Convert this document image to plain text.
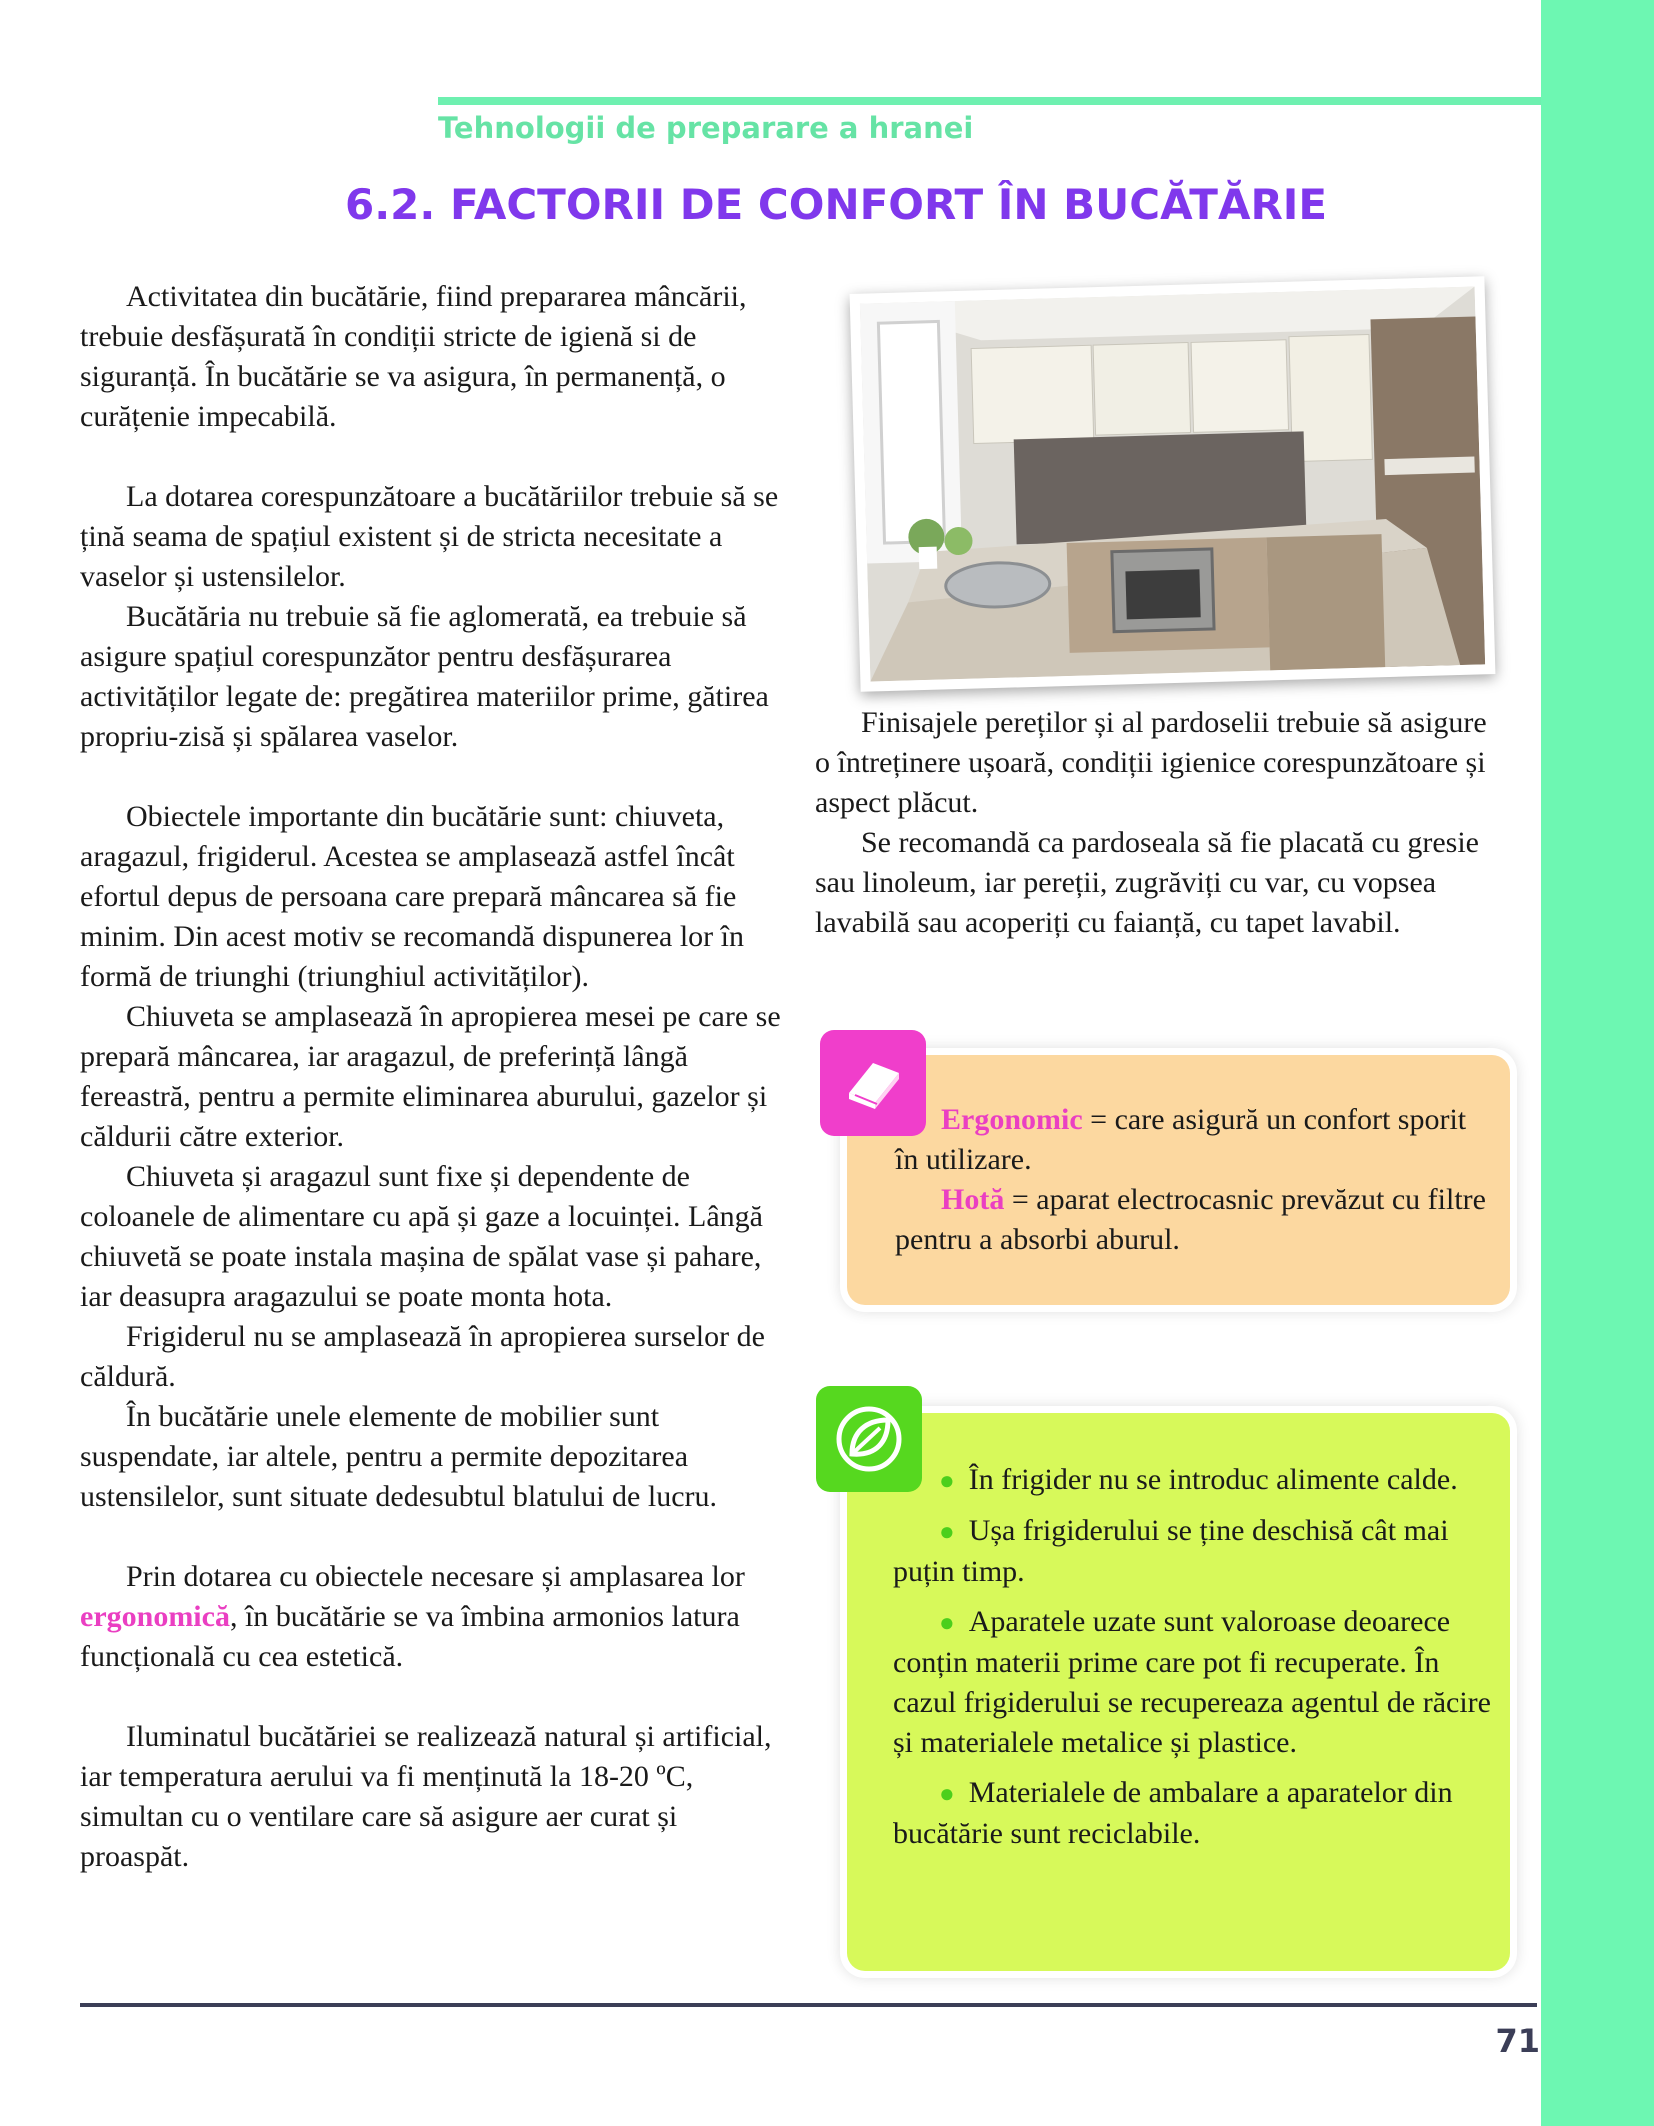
Tehnologii de preparare a hranei
6.2. FACTORII DE CONFORT ÎN BUCĂTĂRIE

Activitatea din bucătărie, fiind prepararea mâncării, trebuie desfășurată în condiții stricte de igienă si de siguranță. În bucătărie se va asigura, în permanență, o curățenie impecabilă.

La dotarea corespunzătoare a bucătăriilor trebuie să se țină seama de spațiul existent și de stricta necesitate a vaselor și ustensilelor.

Bucătăria nu trebuie să fie aglomerată, ea trebuie să asigure spațiul corespunzător pentru desfășurarea activităților legate de: pregătirea materiilor prime, gătirea propriu-zisă și spălarea vaselor.

Obiectele importante din bucătărie sunt: chiuveta, aragazul, frigiderul. Acestea se amplasează astfel încât efortul depus de persoana care prepară mâncarea să fie minim. Din acest motiv se recomandă dispunerea lor în formă de triunghi (triunghiul activităților).

Chiuveta se amplasează în apropierea mesei pe care se prepară mâncarea, iar aragazul, de preferință lângă fereastră, pentru a permite eliminarea aburului, gazelor și căldurii către exterior.

Chiuveta și aragazul sunt fixe și dependente de coloanele de alimentare cu apă și gaze a locuinței. Lângă chiuvetă se poate instala mașina de spălat vase și pahare, iar deasupra aragazului se poate monta hota.

Frigiderul nu se amplasează în apropierea surselor de căldură.

În bucătărie unele elemente de mobilier sunt suspendate, iar altele, pentru a permite depozitarea ustensilelor, sunt situate dedesubtul blatului de lucru.

Prin dotarea cu obiectele necesare și amplasarea lor ergonomică, în bucătărie se va îmbina armonios latura funcțională cu cea estetică.

Iluminatul bucătăriei se realizează natural și artificial, iar temperatura aerului va fi menținută la 18-20 ºC, simultan cu o ventilare care să asigure aer curat și proaspăt.

Finisajele pereților și al pardoselii trebuie să asigure o întreținere ușoară, condiții igienice corespunzătoare și aspect plăcut.

Se recomandă ca pardoseala să fie placată cu gresie sau linoleum, iar pereții, zugrăviți cu var, cu vopsea lavabilă sau acoperiți cu faianță, cu tapet lavabil.

Ergonomic = care asigură un confort sporit în utilizare.

Hotă = aparat electrocasnic prevăzut cu filtre pentru a absorbi aburul.

● În frigider nu se introduc alimente calde.

● Ușa frigiderului se ține deschisă cât mai puțin timp.

● Aparatele uzate sunt valoroase deoarece conțin materii prime care pot fi recuperate. În cazul frigiderului se recupereaza agentul de răcire și materialele metalice și plastice.

● Materialele de ambalare a aparatelor din bucătărie sunt reciclabile.

71
